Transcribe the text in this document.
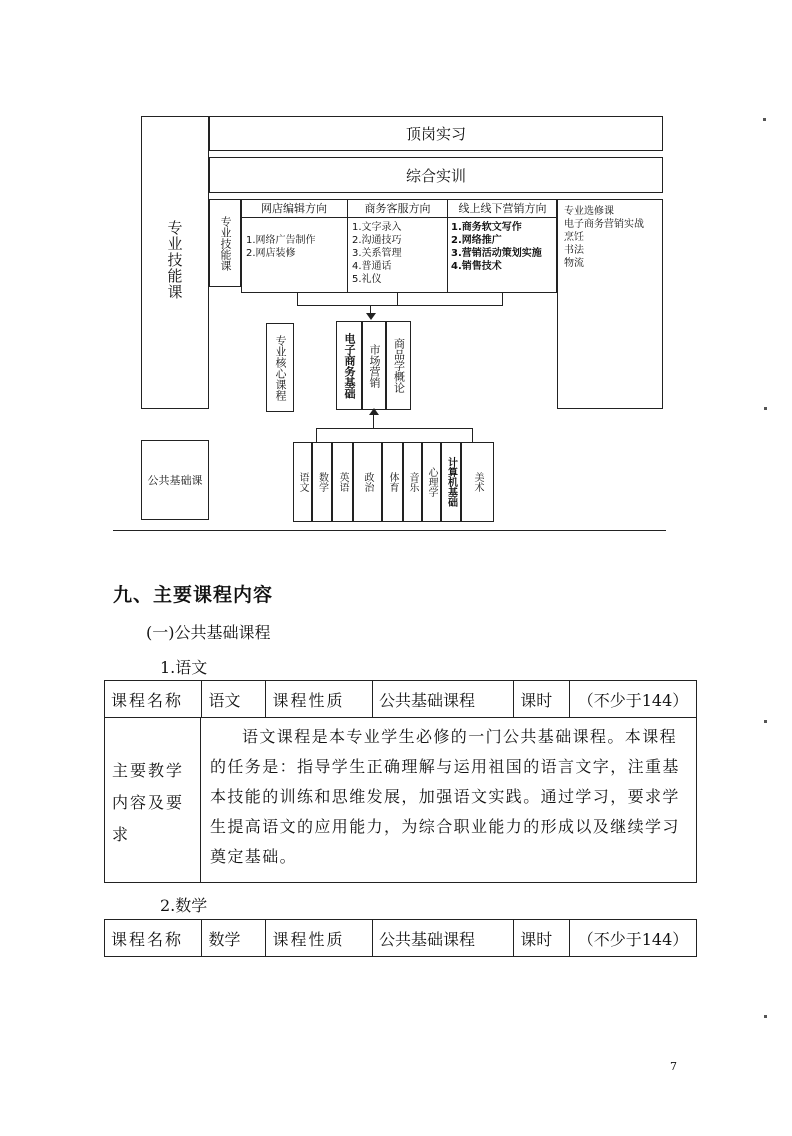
专业技能课
顶岗实习
综合实训
专业技能课
网店编辑方向	商务客服方向	线上线下营销方向
1.网络广告制作
2.网店装修
1.文字录入
2.沟通技巧
3.关系管理
4.普通话
5.礼仪
1.商务软文写作
2.网络推广
3.营销活动策划实施
4.销售技术
专业选修课
电子商务营销实战
烹饪
书法
物流
专业核心课程	电子商务基础 市场营销 商品学概论
公共基础课	语文 数学 英语 政治 体育 音乐 心理学 计算机基础 美术
九、主要课程内容
(一)公共基础课程
1.语文
课程名称	语文	课程性质	公共基础课程	课时	（不少于144）
主要教学内容及要求
语文课程是本专业学生必修的一门公共基础课程。本课程的任务是：指导学生正确理解与运用祖国的语言文字，注重基本技能的训练和思维发展，加强语文实践。通过学习，要求学生提高语文的应用能力，为综合职业能力的形成以及继续学习奠定基础。
2.数学
课程名称	数学	课程性质	公共基础课程	课时	（不少于144）
7
